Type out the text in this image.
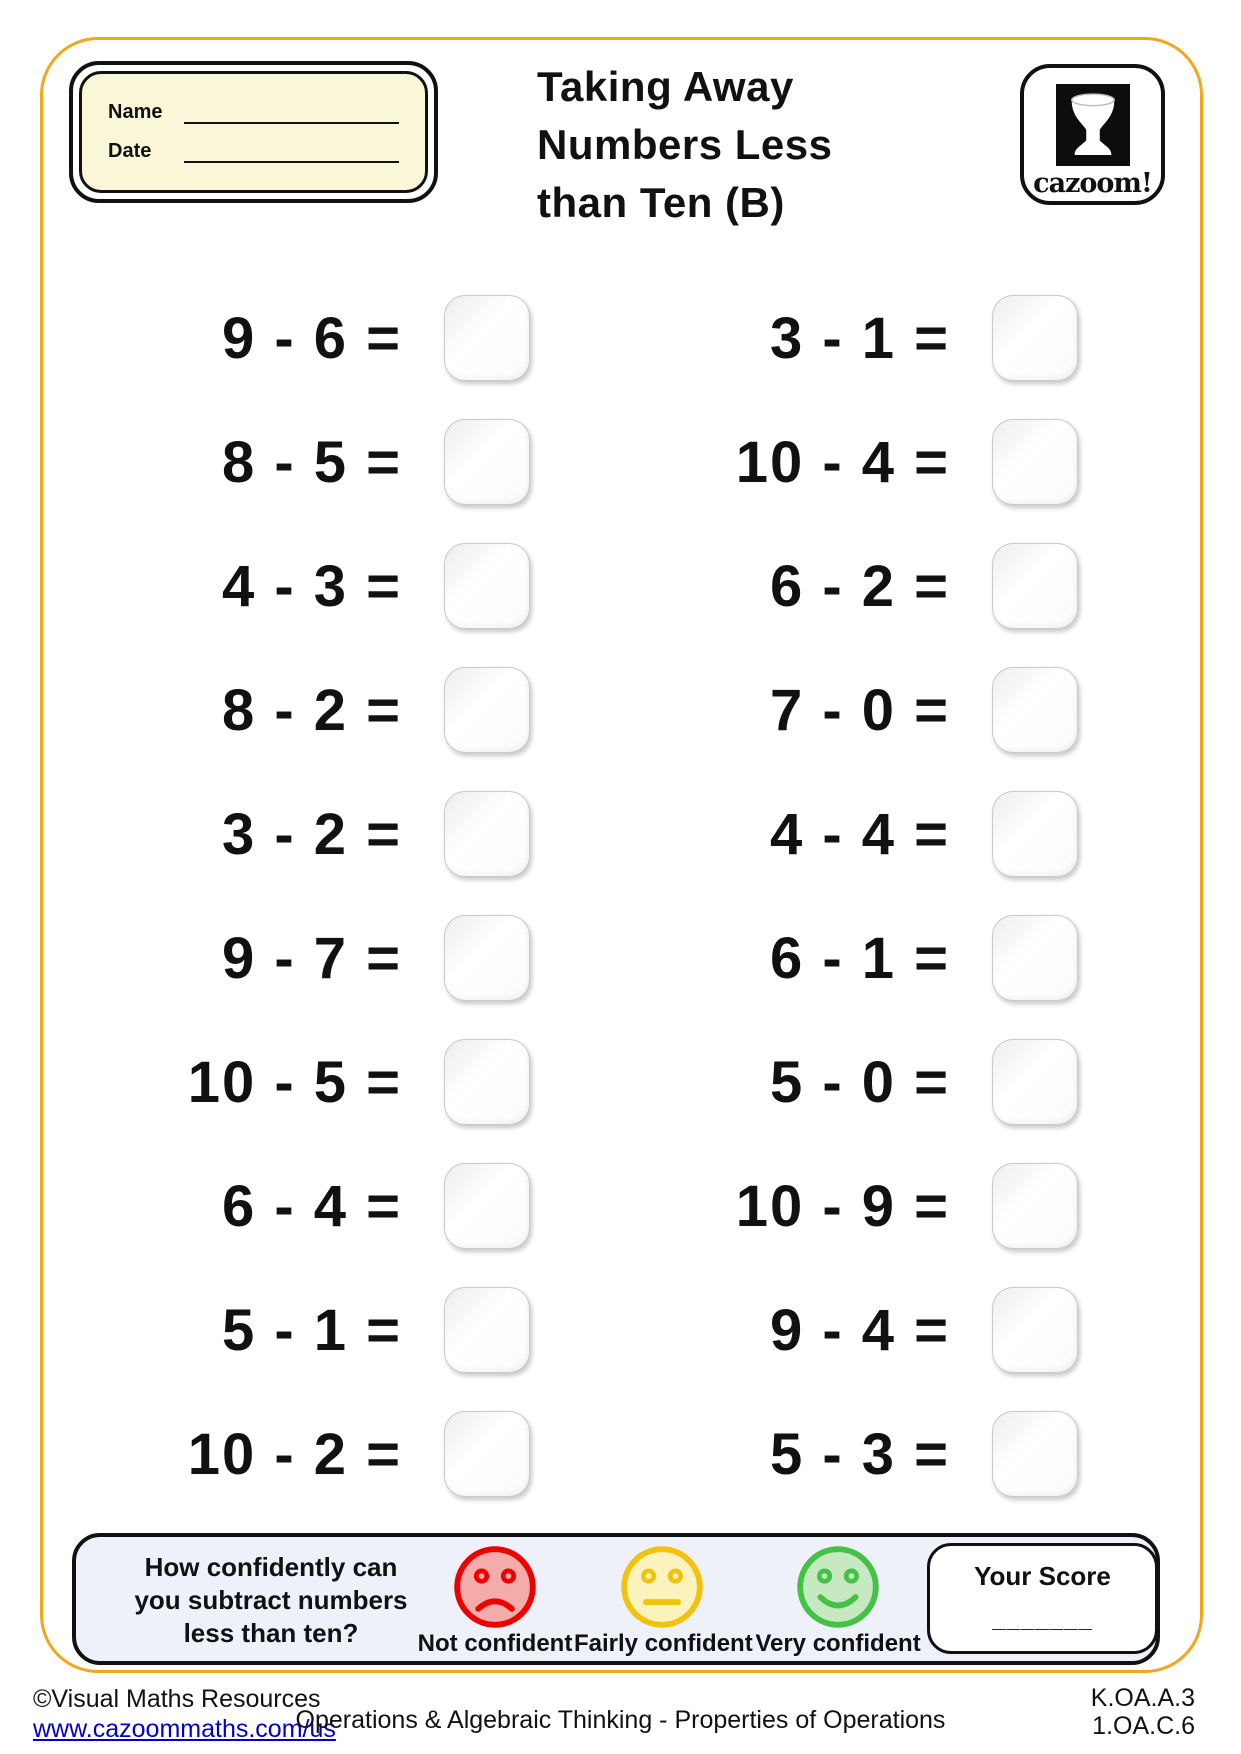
Name
Date
Taking Away
Numbers Less
than Ten (B)	cazoom!
9 - 6 =
8 - 5 =
4 - 3 =
8 - 2 =
3 - 2 =
9 - 7 =
10 - 5 =
6 - 4 =
5 - 1 =
10 - 2 =
3 - 1 =
10 - 4 =
6 - 2 =
7 - 0 =
4 - 4 =
6 - 1 =
5 - 0 =
10 - 9 =
9 - 4 =
5 - 3 =
How confidently can
you subtract numbers
less than ten?	Not confident Fairly confident Very confident
Your Score
_______
©Visual Maths Resources
www.cazoommaths.com/us
Operations & Algebraic Thinking - Properties of Operations
K.OA.A.3
1.OA.C.6
